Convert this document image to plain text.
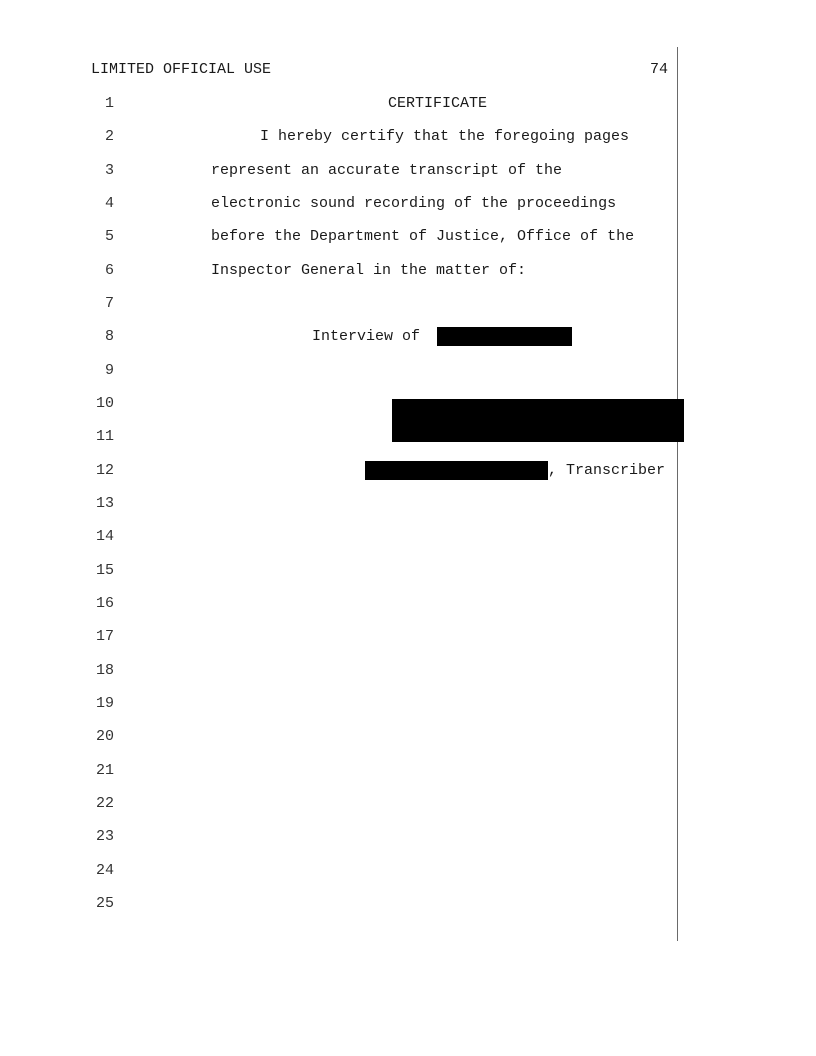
LIMITED OFFICIAL USE	74
1
2
3
4
5
6
7
8
9
10
11
12
13
14
15
16
17
18
19
20
21
22
23
24
25
CERTIFICATE
I hereby certify that the foregoing pages
represent an accurate transcript of the
electronic sound recording of the proceedings
before the Department of Justice, Office of the
Inspector General in the matter of:
Interview of
, Transcriber
